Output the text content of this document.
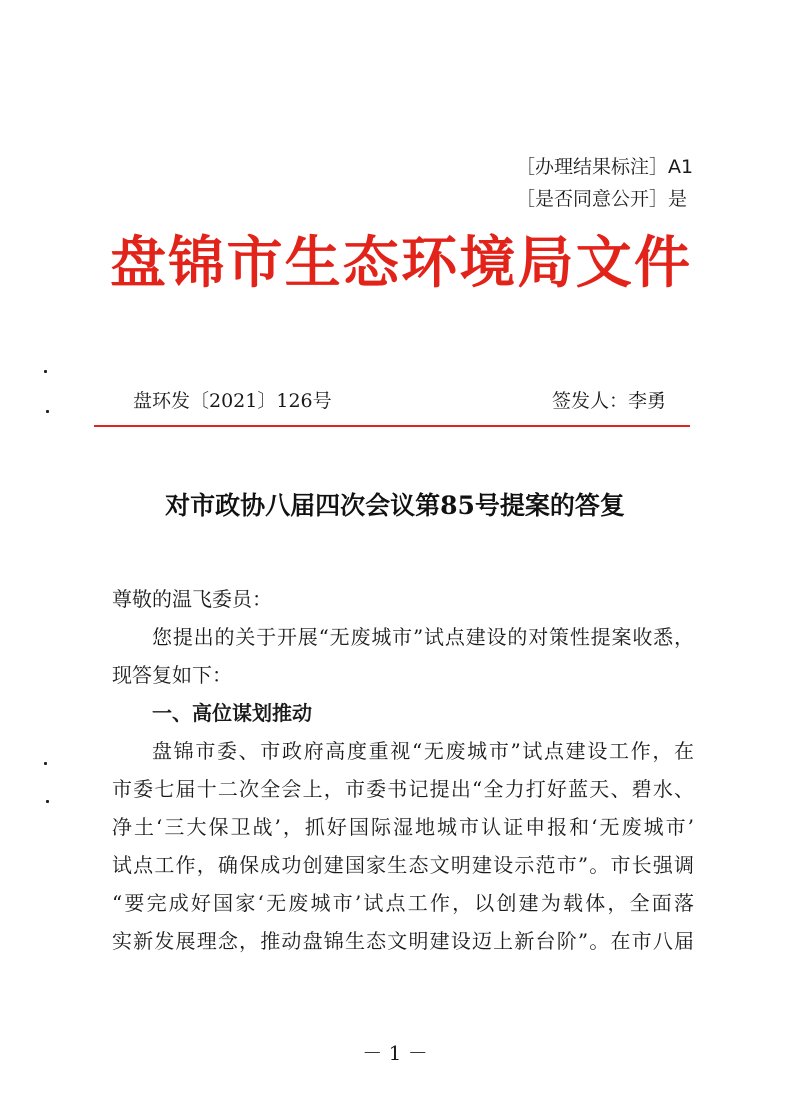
［办理结果标注］A1
［是否同意公开］是
盘锦市生态环境局文件
盘环发〔2021〕126号	签发人：李勇
对市政协八届四次会议第85号提案的答复
尊敬的温飞委员：
您提出的关于开展“无废城市”试点建设的对策性提案收悉，
现答复如下：
一、高位谋划推动
盘锦市委、市政府高度重视“无废城市”试点建设工作，在
市委七届十二次全会上，市委书记提出“全力打好蓝天、碧水、
净土‘三大保卫战’，抓好国际湿地城市认证申报和‘无废城市’
试点工作，确保成功创建国家生态文明建设示范市”。市长强调
“要完成好国家‘无废城市’试点工作，以创建为载体，全面落
实新发展理念，推动盘锦生态文明建设迈上新台阶”。在市八届
－ 1 －
